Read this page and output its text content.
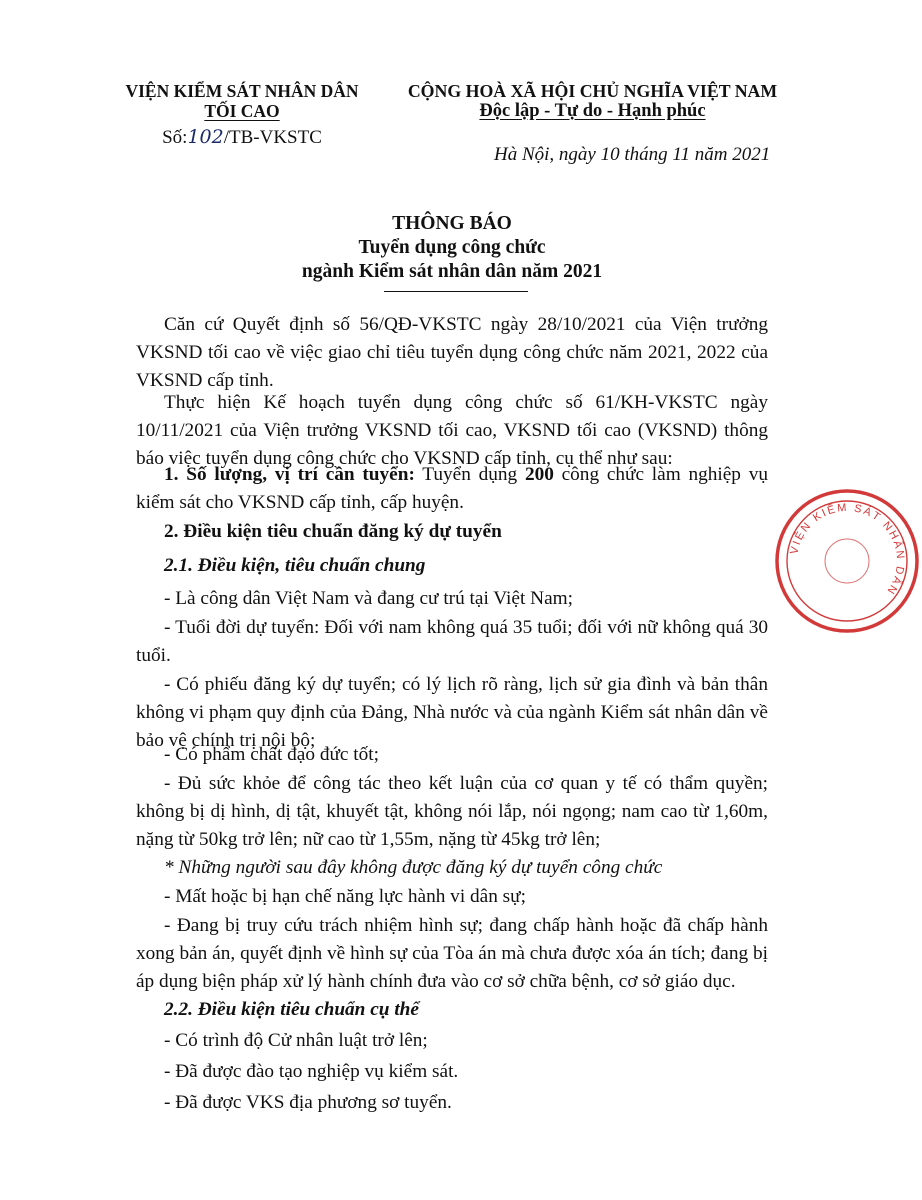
VIỆN KIỂM SÁT NHÂN DÂN
TỐI CAO
Số:102/TB-VKSTC
CỘNG HOÀ XÃ HỘI CHỦ NGHĨA VIỆT NAM
Độc lập - Tự do - Hạnh phúc
Hà Nội, ngày 10 tháng 11 năm 2021
THÔNG BÁO
Tuyển dụng công chức
ngành Kiểm sát nhân dân năm 2021
Căn cứ Quyết định số 56/QĐ-VKSTC ngày 28/10/2021 của Viện trưởng VKSND tối cao về việc giao chỉ tiêu tuyển dụng công chức năm 2021, 2022 của VKSND cấp tỉnh.
Thực hiện Kế hoạch tuyển dụng công chức số 61/KH-VKSTC ngày 10/11/2021 của Viện trưởng VKSND tối cao, VKSND tối cao (VKSND) thông báo việc tuyển dụng công chức cho VKSND cấp tỉnh, cụ thể như sau:
1. Số lượng, vị trí cần tuyển: Tuyển dụng 200 công chức làm nghiệp vụ kiểm sát cho VKSND cấp tỉnh, cấp huyện.
2. Điều kiện tiêu chuẩn đăng ký dự tuyển
2.1. Điều kiện, tiêu chuẩn chung
- Là công dân Việt Nam và đang cư trú tại Việt Nam;
- Tuổi đời dự tuyển: Đối với nam không quá 35 tuổi; đối với nữ không quá 30 tuổi.
- Có phiếu đăng ký dự tuyển; có lý lịch rõ ràng, lịch sử gia đình và bản thân không vi phạm quy định của Đảng, Nhà nước và của ngành Kiểm sát nhân dân về bảo vệ chính trị nội bộ;
- Có phẩm chất đạo đức tốt;
- Đủ sức khỏe để công tác theo kết luận của cơ quan y tế có thẩm quyền; không bị dị hình, dị tật, khuyết tật, không nói lắp, nói ngọng; nam cao từ 1,60m, nặng từ 50kg trở lên; nữ cao từ 1,55m, nặng từ 45kg trở lên;
* Những người sau đây không được đăng ký dự tuyển công chức
- Mất hoặc bị hạn chế năng lực hành vi dân sự;
- Đang bị truy cứu trách nhiệm hình sự; đang chấp hành hoặc đã chấp hành xong bản án, quyết định về hình sự của Tòa án mà chưa được xóa án tích; đang bị áp dụng biện pháp xử lý hành chính đưa vào cơ sở chữa bệnh, cơ sở giáo dục.
2.2. Điều kiện tiêu chuẩn cụ thể
- Có trình độ Cử nhân luật trở lên;
- Đã được đào tạo nghiệp vụ kiểm sát.
- Đã được VKS địa phương sơ tuyển.
VIỆN KIỂM SÁT NHÂN DÂN
